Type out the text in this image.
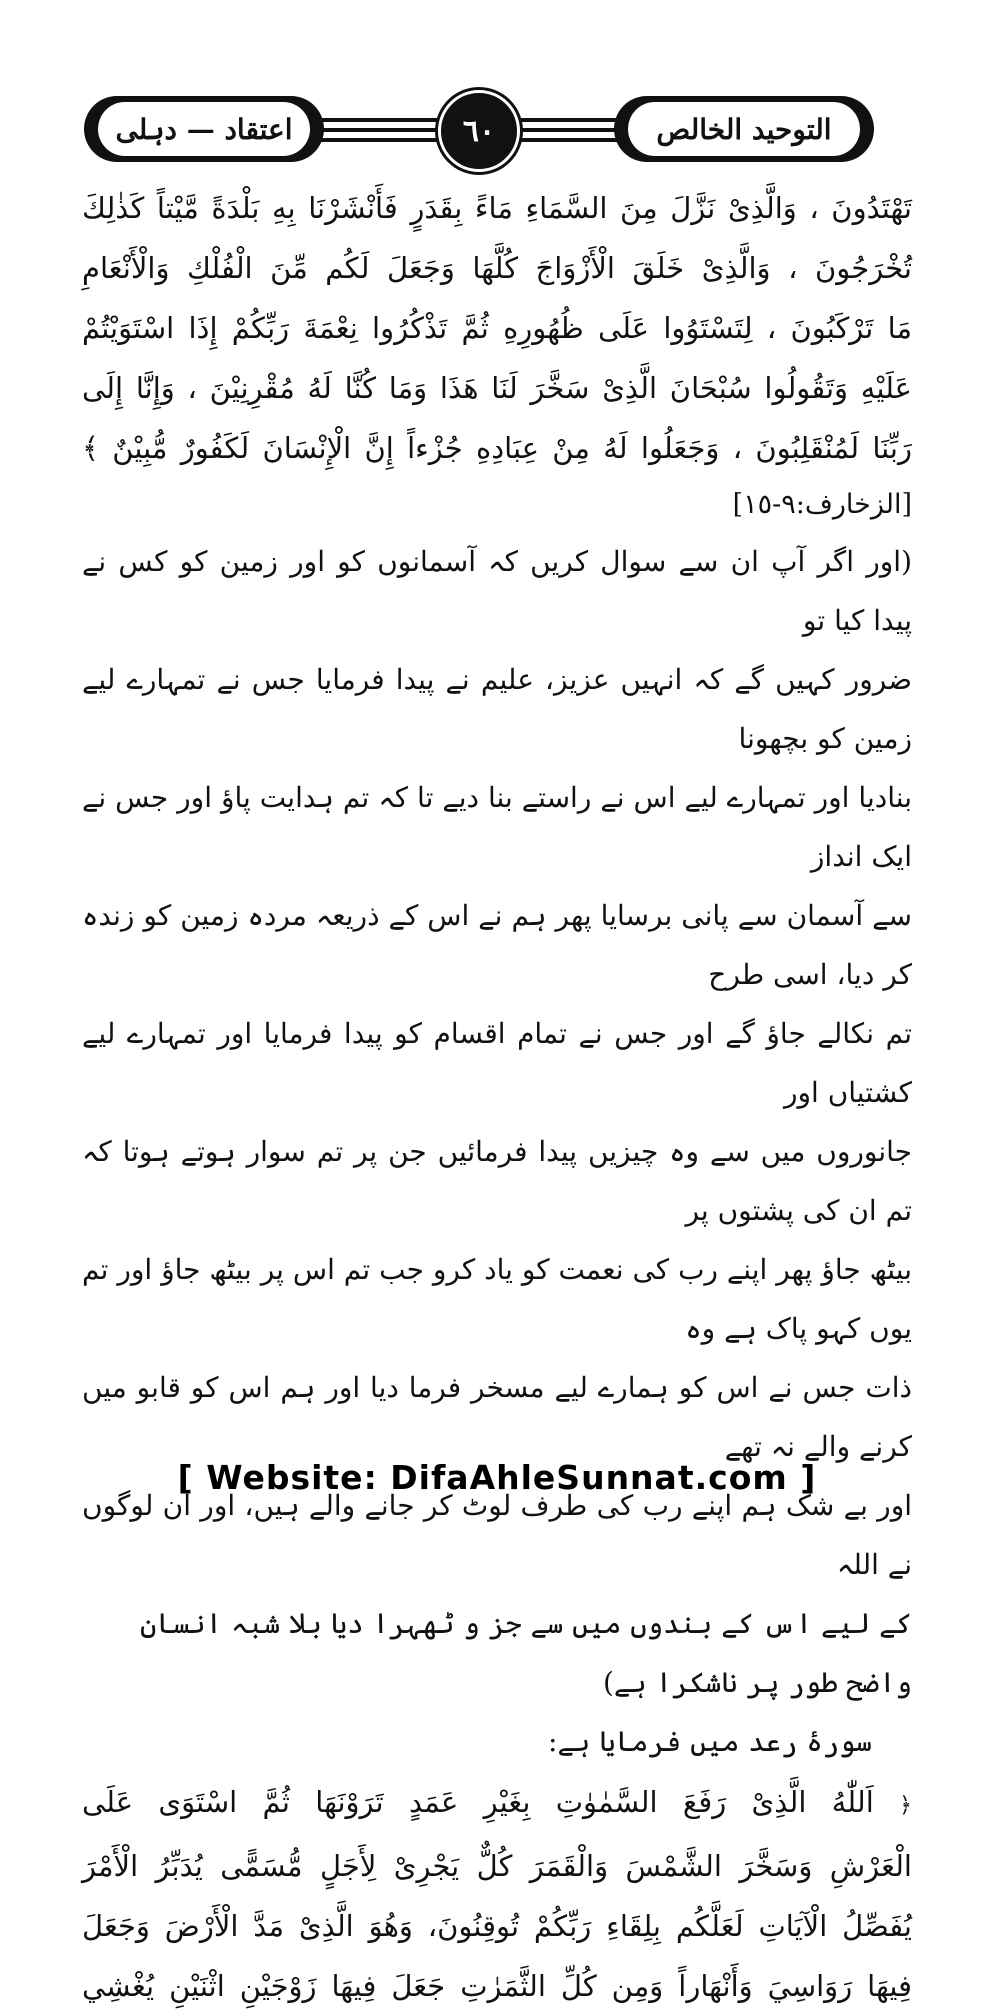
اعتقاد — دہلی	التوحید الخالص
٦٠

تَهْتَدُونَ ، وَالَّذِیْ نَزَّلَ مِنَ السَّمَاءِ مَاءً بِقَدَرٍ فَأَنْشَرْنَا بِهِ بَلْدَةً مَّيْتاً كَذٰلِكَ

تُخْرَجُونَ ، وَالَّذِیْ خَلَقَ الْأَزْوَاجَ كُلَّهَا وَجَعَلَ لَكُم مِّنَ الْفُلْكِ وَالْأَنْعَامِ

مَا تَرْكَبُونَ ، لِتَسْتَوُوا عَلَى ظُهُورِهِ ثُمَّ تَذْكُرُوا نِعْمَةَ رَبِّكُمْ إِذَا اسْتَوَيْتُمْ

عَلَيْهِ وَتَقُولُوا سُبْحَانَ الَّذِیْ سَخَّرَ لَنَا هَذَا وَمَا كُنَّا لَهُ مُقْرِنِيْنَ ، وَإِنَّا إِلَى

رَبِّنَا لَمُنْقَلِبُونَ ، وَجَعَلُوا لَهُ مِنْ عِبَادِهِ جُزْءاً إِنَّ الْإِنْسَانَ لَكَفُورٌ مُّبِيْنٌ ﴾

[الزخارف:٩-١٥]

(اور اگر آپ ان سے سوال کریں کہ آسمانوں کو اور زمین کو کس نے پیدا کیا تو

ضرور کہیں گے کہ انہیں عزیز، علیم نے پیدا فرمایا جس نے تمہارے لیے زمین کو بچھونا

بنادیا اور تمہارے لیے اس نے راستے بنا دیے تا کہ تم ہدایت پاؤ اور جس نے ایک انداز

سے آسمان سے پانی برسایا پھر ہم نے اس کے ذریعہ مردہ زمین کو زندہ کر دیا، اسی طرح

تم نکالے جاؤ گے اور جس نے تمام اقسام کو پیدا فرمایا اور تمہارے لیے کشتیاں اور

جانوروں میں سے وہ چیزیں پیدا فرمائیں جن پر تم سوار ہوتے ہوتا کہ تم ان کی پشتوں پر

بیٹھ جاؤ پھر اپنے رب کی نعمت کو یاد کرو جب تم اس پر بیٹھ جاؤ اور تم یوں کہو پاک ہے وہ

ذات جس نے اس کو ہمارے لیے مسخر فرما دیا اور ہم اس کو قابو میں کرنے والے نہ تھے

اور بے شک ہم اپنے رب کی طرف لوٹ کر جانے والے ہیں، اور ان لوگوں نے اللہ

کے لیے اس کے بندوں میں سے جز و ٹھہرا دیا بلا شبہ انسان واضح طور پر ناشکرا ہے)

سورۂ رعد میں فرمایا ہے:

﴿ اَللّٰهُ الَّذِیْ رَفَعَ السَّمٰوٰتِ بِغَيْرِ عَمَدٍ تَرَوْنَهَا ثُمَّ اسْتَوَى عَلَى

الْعَرْشِ وَسَخَّرَ الشَّمْسَ وَالْقَمَرَ كُلٌّ يَجْرِیْ لِأَجَلٍ مُّسَمًّى يُدَبِّرُ الْأَمْرَ

يُفَصِّلُ الْآيَاتِ لَعَلَّكُم بِلِقَاءِ رَبِّكُمْ تُوقِنُونَ، وَهُوَ الَّذِیْ مَدَّ الْأَرْضَ وَجَعَلَ

فِيهَا رَوَاسِيَ وَأَنْهَاراً وَمِن كُلِّ الثَّمَرٰتِ جَعَلَ فِيهَا زَوْجَيْنِ اثْنَيْنِ يُغْشِي

[ Website: DifaAhleSunnat.com ]
